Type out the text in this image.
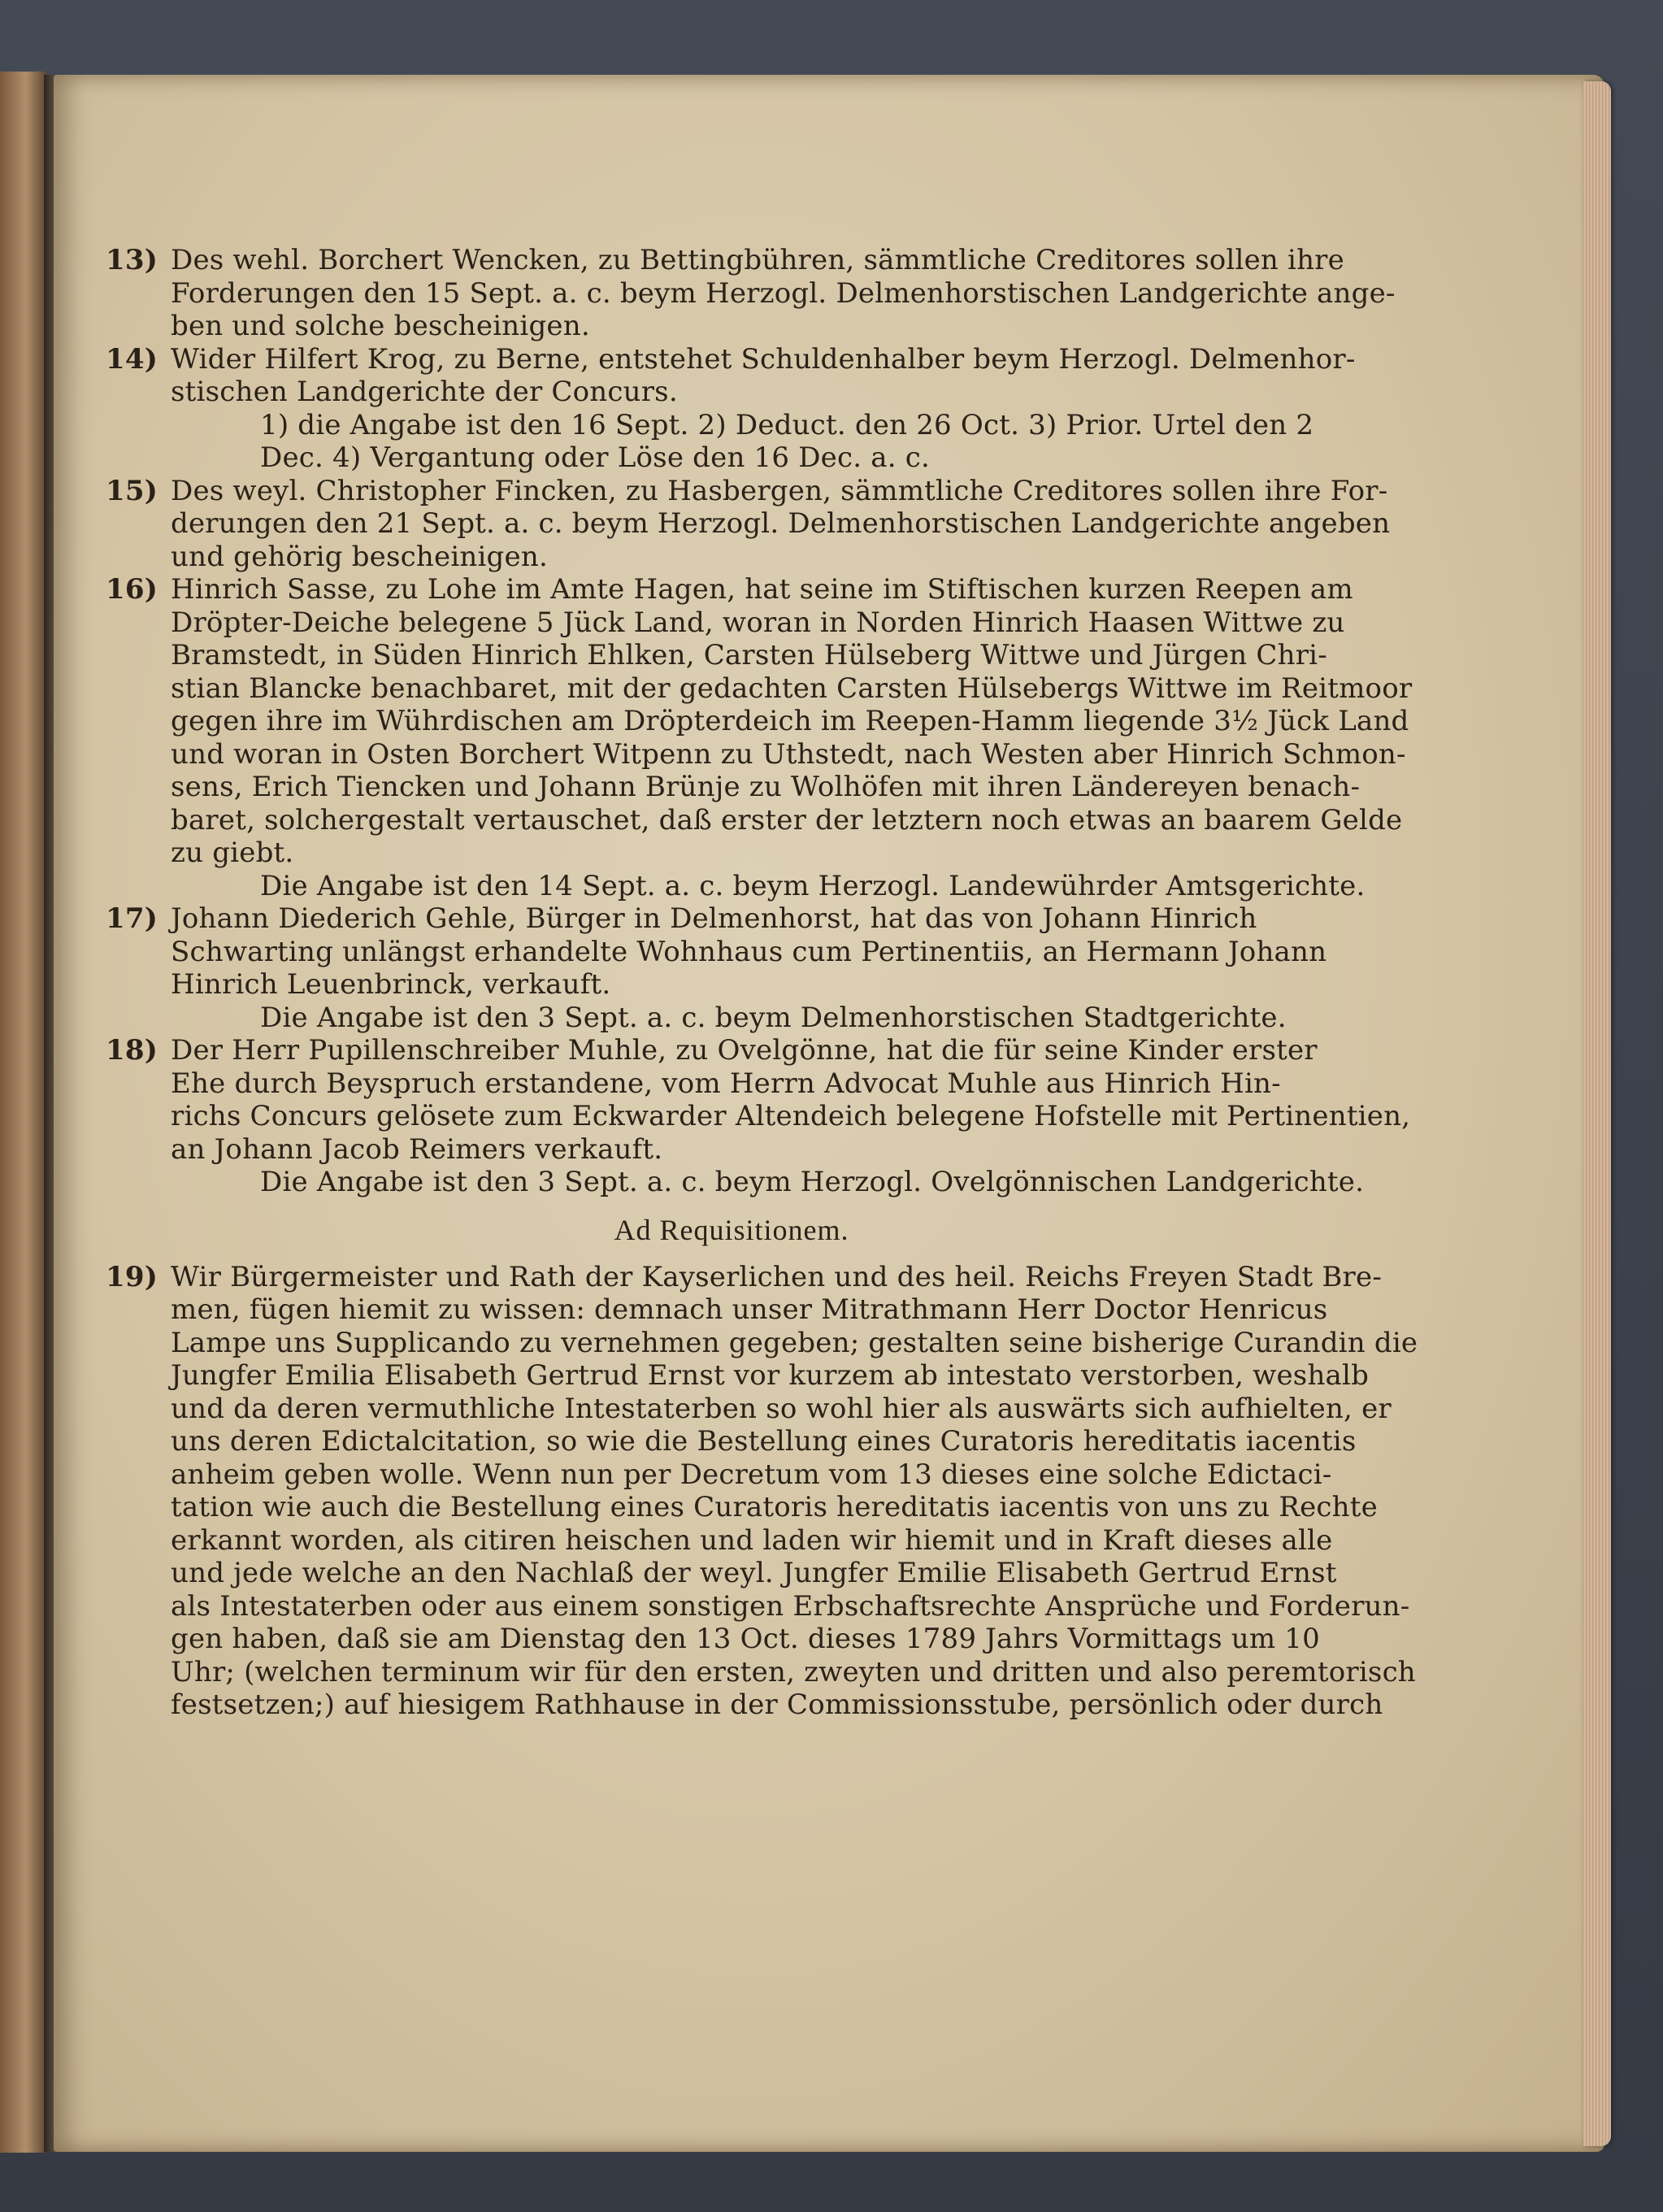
13) Des wehl. Borchert Wencken, zu Bettingbühren, sämmtliche Creditores sollen ihre
Forderungen den 15 Sept. a. c. beym Herzogl. Delmenhorstischen Landgerichte ange-
ben und solche bescheinigen.
14) Wider Hilfert Krog, zu Berne, entstehet Schuldenhalber beym Herzogl. Delmenhor-
stischen Landgerichte der Concurs.
1) die Angabe ist den 16 Sept. 2) Deduct. den 26 Oct. 3) Prior. Urtel den 2
Dec. 4) Vergantung oder Löse den 16 Dec. a. c.
15) Des weyl. Christopher Fincken, zu Hasbergen, sämmtliche Creditores sollen ihre For-
derungen den 21 Sept. a. c. beym Herzogl. Delmenhorstischen Landgerichte angeben
und gehörig bescheinigen.
16) Hinrich Sasse, zu Lohe im Amte Hagen, hat seine im Stiftischen kurzen Reepen am
Dröpter-Deiche belegene 5 Jück Land, woran in Norden Hinrich Haasen Wittwe zu
Bramstedt, in Süden Hinrich Ehlken, Carsten Hülseberg Wittwe und Jürgen Chri-
stian Blancke benachbaret, mit der gedachten Carsten Hülsebergs Wittwe im Reitmoor
gegen ihre im Wührdischen am Dröpterdeich im Reepen-Hamm liegende 3½ Jück Land
und woran in Osten Borchert Witpenn zu Uthstedt, nach Westen aber Hinrich Schmon-
sens, Erich Tiencken und Johann Brünje zu Wolhöfen mit ihren Ländereyen benach-
baret, solchergestalt vertauschet, daß erster der letztern noch etwas an baarem Gelde
zu giebt.
Die Angabe ist den 14 Sept. a. c. beym Herzogl. Landewührder Amtsgerichte.
17) Johann Diederich Gehle, Bürger in Delmenhorst, hat das von Johann Hinrich
Schwarting unlängst erhandelte Wohnhaus cum Pertinentiis, an Hermann Johann
Hinrich Leuenbrinck, verkauft.
Die Angabe ist den 3 Sept. a. c. beym Delmenhorstischen Stadtgerichte.
18) Der Herr Pupillenschreiber Muhle, zu Ovelgönne, hat die für seine Kinder erster
Ehe durch Beyspruch erstandene, vom Herrn Advocat Muhle aus Hinrich Hin-
richs Concurs gelösete zum Eckwarder Altendeich belegene Hofstelle mit Pertinentien,
an Johann Jacob Reimers verkauft.
Die Angabe ist den 3 Sept. a. c. beym Herzogl. Ovelgönnischen Landgerichte.
Ad Requisitionem.
19) Wir Bürgermeister und Rath der Kayserlichen und des heil. Reichs Freyen Stadt Bre-
men, fügen hiemit zu wissen: demnach unser Mitrathmann Herr Doctor Henricus
Lampe uns Supplicando zu vernehmen gegeben; gestalten seine bisherige Curandin die
Jungfer Emilia Elisabeth Gertrud Ernst vor kurzem ab intestato verstorben, weshalb
und da deren vermuthliche Intestaterben so wohl hier als auswärts sich aufhielten, er
uns deren Edictalcitation, so wie die Bestellung eines Curatoris hereditatis iacentis
anheim geben wolle. Wenn nun per Decretum vom 13 dieses eine solche Edictaci-
tation wie auch die Bestellung eines Curatoris hereditatis iacentis von uns zu Rechte
erkannt worden, als citiren heischen und laden wir hiemit und in Kraft dieses alle
und jede welche an den Nachlaß der weyl. Jungfer Emilie Elisabeth Gertrud Ernst
als Intestaterben oder aus einem sonstigen Erbschaftsrechte Ansprüche und Forderun-
gen haben, daß sie am Dienstag den 13 Oct. dieses 1789 Jahrs Vormittags um 10
Uhr; (welchen terminum wir für den ersten, zweyten und dritten und also peremtorisch
festsetzen;) auf hiesigem Rathhause in der Commissionsstube, persönlich oder durch
